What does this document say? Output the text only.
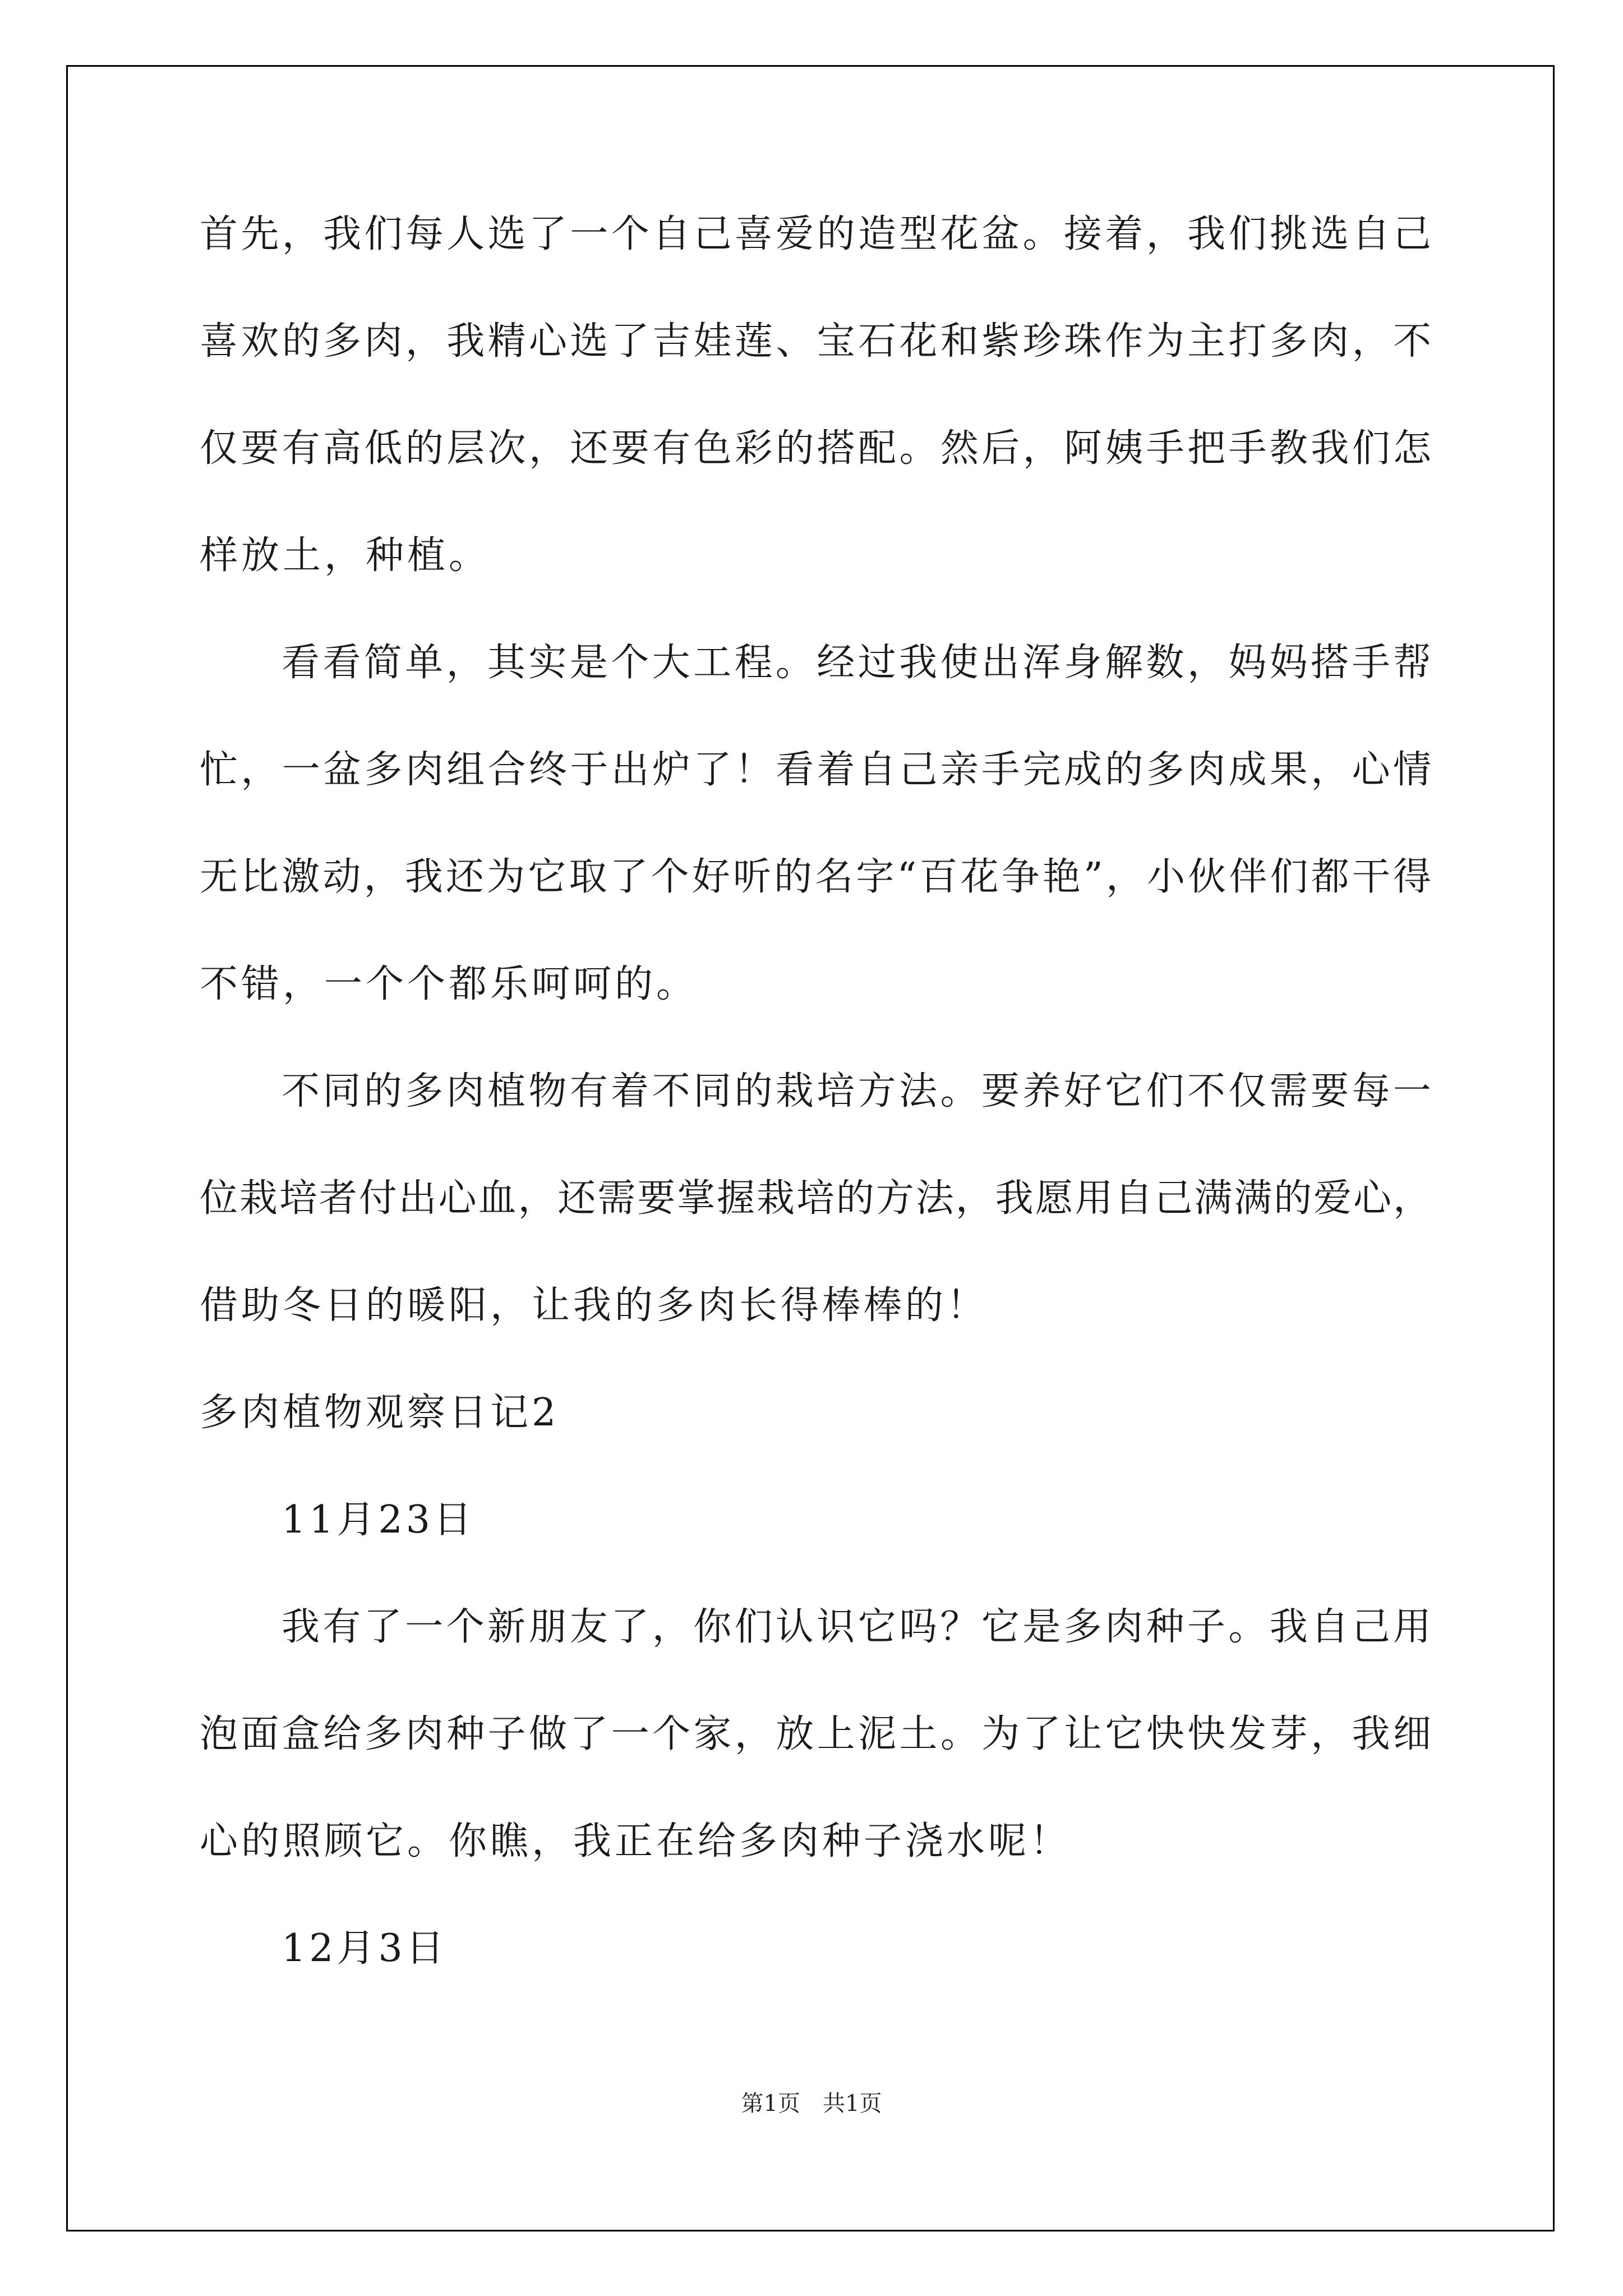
首先，我们每人选了一个自己喜爱的造型花盆。接着，我们挑选自己
喜欢的多肉，我精心选了吉娃莲、宝石花和紫珍珠作为主打多肉，不
仅要有高低的层次，还要有色彩的搭配。然后，阿姨手把手教我们怎
样放土，种植。
看看简单，其实是个大工程。经过我使出浑身解数，妈妈搭手帮
忙，一盆多肉组合终于出炉了！看着自己亲手完成的多肉成果，心情
无比激动，我还为它取了个好听的名字“百花争艳”，小伙伴们都干得
不错，一个个都乐呵呵的。
不同的多肉植物有着不同的栽培方法。要养好它们不仅需要每一
位栽培者付出心血，还需要掌握栽培的方法，我愿用自己满满的爱心，
借助冬日的暖阳，让我的多肉长得棒棒的！
多肉植物观察日记2
11月23日
我有了一个新朋友了，你们认识它吗？它是多肉种子。我自己用
泡面盒给多肉种子做了一个家，放上泥土。为了让它快快发芽，我细
心的照顾它。你瞧，我正在给多肉种子浇水呢！
12月3日
第1页　共1页
